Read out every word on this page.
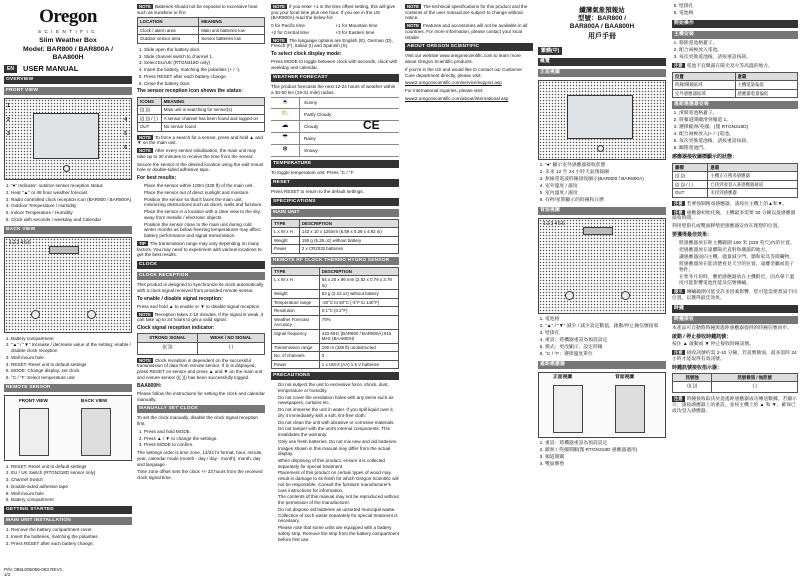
Oregon
SCIENTIFIC
Slim Weather Box
Model: BAR800 / BAR800A /
BAA800H
EN	USER MANUAL
OVERVIEW
FRONT VIEW
1
2
3
4
5
6
1. "●" Indicator: outdoor sensor reception status
2. Heat "▲" or 48 hour weather forecast
3. Radio controlled clock reception icon (BAR800 / BAR800A)
4. Outdoor Temperature / Humidity
5. Indoor Temperature / Humidity
6. Clock with seconds / weekday and Calendar
BACK VIEW
123456
1. Battery compartment
2. "▲" / "▼" Increase / decrease value of the setting; enable / disable clock reception
3. Wall mount hole
4. RESET: Reset unit to default settings
5. MODE: Change display; set clock
6. °C / °F: Select temperature unit
REMOTE SENSOR
FRONT VIEW	BACK VIEW
1. RESET: Reset unit to default settings
2. EU / UK Switch (RTGN318D sensor only)
3. Channel Switch
4. Double-sided adhesive tape
5. Wall mount hole
6. Battery compartment
GETTING STARTED
MAIN UNIT INSTALLATION
1. Remove the battery compartment cover.
2. Insert the batteries, matching the polarities.
3. Press RESET after each battery change.
P/N: 086L005056-063 REV1
1/2

NOTE Batteries should not be exposed to excessive heat such as sunshine or fire.

LOCATION	MEANING
Clock / alarm area	Main unit batteries low
Outdoor sensor area	Sensor batteries low
1. Slide open the battery door.
2. Slide channel switch to channel 1.
3. Select EU/UK (RTGN318D only)
4. Insert the battery, matching the polarities (+ / -).
5. Press RESET after each battery change.
6. Close the battery door.
The sensor reception icon shows the status:
ICONS	MEANING
((( )))	Main unit is searching for sensor(s)
((( ))) / ( )	A sensor channel has been found and logged on
OUT	No sensor found

NOTE To force a search for a sensor, press and hold ▲ and ▼ on the main unit.

NOTE After every sensor initialisation, the main unit may take up to 30 minutes to receive the time from the sensor.

Secure the sensor in the desired location using the wall mount hole or double-sided adhesive tape.

For best results:
• Place the sensor within 100m (328 ft) of the main unit.
• Place the sensor out of direct sunlight and moisture.
• Position the sensor so that it faces the main unit, minimizing obstructions such as doors, walls and furniture.
• Place the sensor in a location with a clear view to the sky, away from metallic / electronic objects.
• Position the sensor close to the main unit during cold winter months as below-freezing temperatures may affect battery performance and signal transmission.

TIP The transmission range may vary depending on many factors. You may need to experiment with various locations to get the best results.

CLOCK
CLOCK RECEPTION

This product is designed to synchronize its clock automatically with a clock signal received from provided remote sensor.

To enable / disable signal reception:

Press and hold ▲ to enable or ▼ to disable signal reception.

NOTE Reception takes 2-10 minutes. If the signal is weak, it can take up to 24 hours to get a valid signal.

Clock signal reception indicator:
STRONG SIGNAL	WEAK / NO SIGNAL
((( )))	( )

NOTE Clock reception is dependent on the successful transmission of data from remote sensor. If ⊘ is displayed, press RESET on sensor and press ▲ and ▼ on the main unit and ensure sensor ((( ))) has been successfully logged.

BAA800H:

Please follow the instructions for setting the clock and calendar manually.

MANUALLY SET CLOCK

To set the clock manually, disable the clock signal reception first.

1. Press and hold MODE.
2. Press ▲ / ▼ to change the settings.
3. Press MODE to confirm.

The settings order is time zone, 12/24 hr format, hour, minute, year, calendar mode (month - day / day - month), month, day and language.

Time zone offset sets the clock +/- 23 hours from the received clock signal time.

NOTE If you enter +1 in the time offset setting, this will give you your local time plus one hour. If you are in the US (BAR800A) read the below for:

0 for Pacific time	+1 for Mountain time
+2 for Central time	+3 for Eastern time

NOTE The language options are English (E), German (D), French (F), Italian (I) and Spanish (S).

To select clock display mode:

Press MODE to toggle between clock with seconds, clock with weekday and calendar.

WEATHER FORECAST

This product forecasts the next 12-24 hours of weather within a 30-50 km (19-31 mile) radius.

☀	Sunny
⛅	Partly Cloudy
☁	Cloudy
☂	Rainy
❄	Snowy
TEMPERATURE

To toggle temperature unit: Press °C / °F.

RESET

Press RESET to return to the default settings.

SPECIFICATIONS
MAIN UNIT
TYPE	DESCRIPTION
L x W x H	142 x 10 x 125mm (5.59 x 0.39 x 4.92 in)
Weight	150 g (5.29 oz) without battery
Power	2 x CR2032 batteries
REMOTE RF CLOCK THERMO HYGRO SENSOR
TYPE	DESCRIPTION
L x W x H	64 x 20 x 96 mm (2.52 x 0.79 x 3.78 in)
Weight	63 g (2.22 oz) without battery
Temperature range	-20°C to 60°C (-4°F to 140°F)
Resolution	0.1°C (0.2°F)
Weather Forecast Accuracy	70%
Signal frequency	433 MHz (BAR800 / BAR800A) 915 MHz (BAA800H)
Transmission range	100 m (328 ft) unobstructed
No. of channels	3
Power	1 x UM-3 (AA) 1.5 V batteries
PRECAUTIONS
• Do not subject the unit to excessive force, shock, dust, temperature or humidity.
• Do not cover the ventilation holes with any items such as newspapers, curtains etc.
• Do not immerse the unit in water. If you spill liquid over it, dry it immediately with a soft, lint-free cloth.
• Do not clean the unit with abrasive or corrosive materials.
• Do not tamper with the unit's internal components. This invalidates the warranty.
• Only use fresh batteries. Do not mix new and old batteries.
• Images shown in this manual may differ from the actual display.
• When disposing of this product, ensure it is collected separately for special treatment.
• Placement of this product on certain types of wood may result in damage to its finish for which Oregon Scientific will not be responsible. Consult the furniture manufacturer's care instructions for information.
• The contents of this manual may not be reproduced without the permission of the manufacturer.
• Do not dispose old batteries as unsorted municipal waste. Collection of such waste separately for special treatment is necessary.
• Please note that some units are equipped with a battery safety strip. Remove the strip from the battery compartment before first use.

NOTE The technical specifications for this product and the contents of the user manual are subject to change without notice.

NOTE Features and accessories will not be available in all countries. For more information, please contact your local retailer.

ABOUT OREGON SCIENTIFIC

Visit our website www.oregonscientific.com to learn more about Oregon Scientific products.

If you're in the US and would like to contact our Customer Care department directly, please visit:

www2.oregonscientific.com/service/support.asp

For international inquiries, please visit:

www2.oregonscientific.com/about/international.asp

CE
纖薄氣象預報站
型號：BAR800 /
BAR800A / BAA800H
用戶手冊
繁體(中)
概覽
正面視圖
1. "●" 顯示室外感應器接收狀態
2. 未來 12 至 24 小時天氣預報圖
3. 無線電電波時鐘接收圖示(BAR800 / BAR800A)
4. 室外溫度 / 濕度
5. 室內溫度 / 濕度
6. 有秒/星期顯示的時鐘和日曆
背面視圖
123456
1. 電池格
2. "▲" / "▼" 減少 / 減少設定數值，啟動/停止鐘信號接收
3. 壁掛孔
4. 重設：將機器重設為預設設定
5. 模式：更改顯示，設定時鐘
6. °C / °F：選擇溫度單位
遙距感應器
正面視圖	背面視圖
1. 重設：將機器重設為預設設定
2. 歐洲 / 英國開關(僅 RTGN318D 感應器適用)
3. 頻道開關
4. 雙面膠墊
5. 壁掛孔
6. 電池格
開始操作
主機安裝
1. 移除電池格蓋子。
2. 配合兩極放入電池。
3. 每次更換電池後，請按重設按鈕。

注意 電池不宜曝露在陽光及火等高溫的地方。

位置	意義
時鐘/鬧鐘區域	主機電量偏低
室外感應器區域	感應器電量偏低
遙距感應器安裝
1. 滑開電池格蓋子。
2. 將頻道開關滑到頻道 1。
3. 選擇歐洲/英國。(僅 RTGN318D)
4. 配合兩極放入(+ / -)電池。
5. 每次更換電池後，請按重設按鈕。
6. 關閉電池門。
感應器接收圖標顯示的狀態：
圖標	意義
((( )))	主機正在搜尋感應器
((( ))) / ( )	已找到並登入某感應器通道
OUT	未找到感應器

注意 若要強制搜尋感應器，請按住主機上的▲和▼。

注意 感應器初始化後，主機最多需要 30 分鐘以從感應器接收時間。

利用壁掛孔或雙面膠墊把感應器安放在理想的位置。

要獲得最佳效果：
• 將感應器放在距主機範圍 100 米 (328 英尺)內的位置。
• 把感應器放在遠離陽光直射和潮濕的地方。
• 讓感應器面向主機，儘量減少門、牆和家具等障礙物。
• 將感應器放在能清楚看見天空的位置，遠離金屬或電子物件。
• 在寒冬月份時，應把感應器放在主機附近，因為零下溫度可能影響電池性能及信號傳輸。

提示 傳輸範圍可能受許多因素影響，您可能需要嘗試不同位置，以獲得最佳效果。

時鐘
時鐘接收

本產品可自動將時鐘與遙距感應器提供的時鐘信號同步。

啟動 / 停止接收時鐘訊號：

按住 ▲ 啟動或 ▼ 停止接收時鐘訊號。

注意 接收訊號約需 2-10 分鐘。若訊號微弱，最多需時 24 小時才能取得有效訊號。

時鐘訊號接收指示器：
訊號強	訊號微弱 / 無訊號
((( )))	( )

注意 時鐘接收取決於從遙距感應器成功傳送數據。若顯示 ⊘，請按感應器上的重設，並按主機上的 ▲ 和 ▼，確保已成功登入感應器。
